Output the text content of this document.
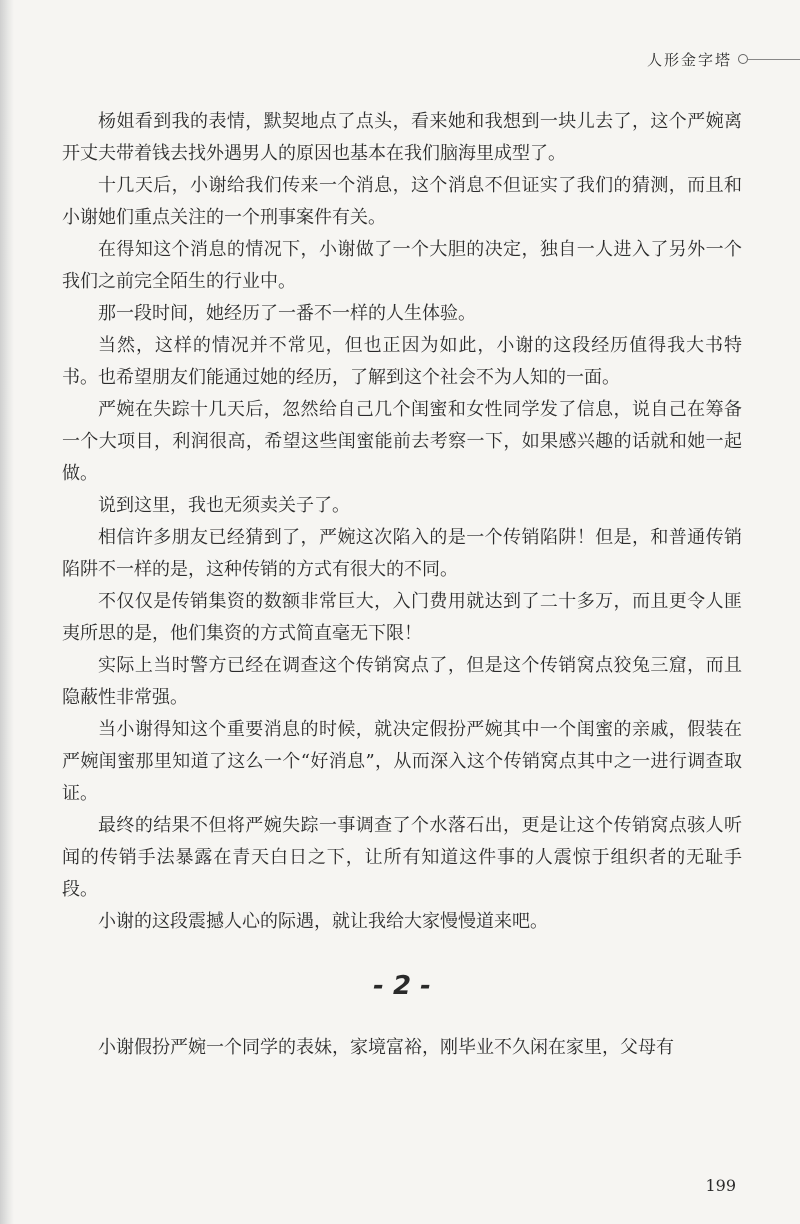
人形金字塔

杨姐看到我的表情，默契地点了点头，看来她和我想到一块儿去了，这个严婉离开丈夫带着钱去找外遇男人的原因也基本在我们脑海里成型了。

十几天后，小谢给我们传来一个消息，这个消息不但证实了我们的猜测，而且和小谢她们重点关注的一个刑事案件有关。

在得知这个消息的情况下，小谢做了一个大胆的决定，独自一人进入了另外一个我们之前完全陌生的行业中。

那一段时间，她经历了一番不一样的人生体验。

当然，这样的情况并不常见，但也正因为如此，小谢的这段经历值得我大书特书。也希望朋友们能通过她的经历，了解到这个社会不为人知的一面。

严婉在失踪十几天后，忽然给自己几个闺蜜和女性同学发了信息，说自己在筹备一个大项目，利润很高，希望这些闺蜜能前去考察一下，如果感兴趣的话就和她一起做。

说到这里，我也无须卖关子了。

相信许多朋友已经猜到了，严婉这次陷入的是一个传销陷阱！但是，和普通传销陷阱不一样的是，这种传销的方式有很大的不同。

不仅仅是传销集资的数额非常巨大，入门费用就达到了二十多万，而且更令人匪夷所思的是，他们集资的方式简直毫无下限！

实际上当时警方已经在调查这个传销窝点了，但是这个传销窝点狡兔三窟，而且隐蔽性非常强。

当小谢得知这个重要消息的时候，就决定假扮严婉其中一个闺蜜的亲戚，假装在严婉闺蜜那里知道了这么一个“好消息”，从而深入这个传销窝点其中之一进行调查取证。

最终的结果不但将严婉失踪一事调查了个水落石出，更是让这个传销窝点骇人听闻的传销手法暴露在青天白日之下，让所有知道这件事的人震惊于组织者的无耻手段。

小谢的这段震撼人心的际遇，就让我给大家慢慢道来吧。

- 2 -

小谢假扮严婉一个同学的表妹，家境富裕，刚毕业不久闲在家里，父母有

199
